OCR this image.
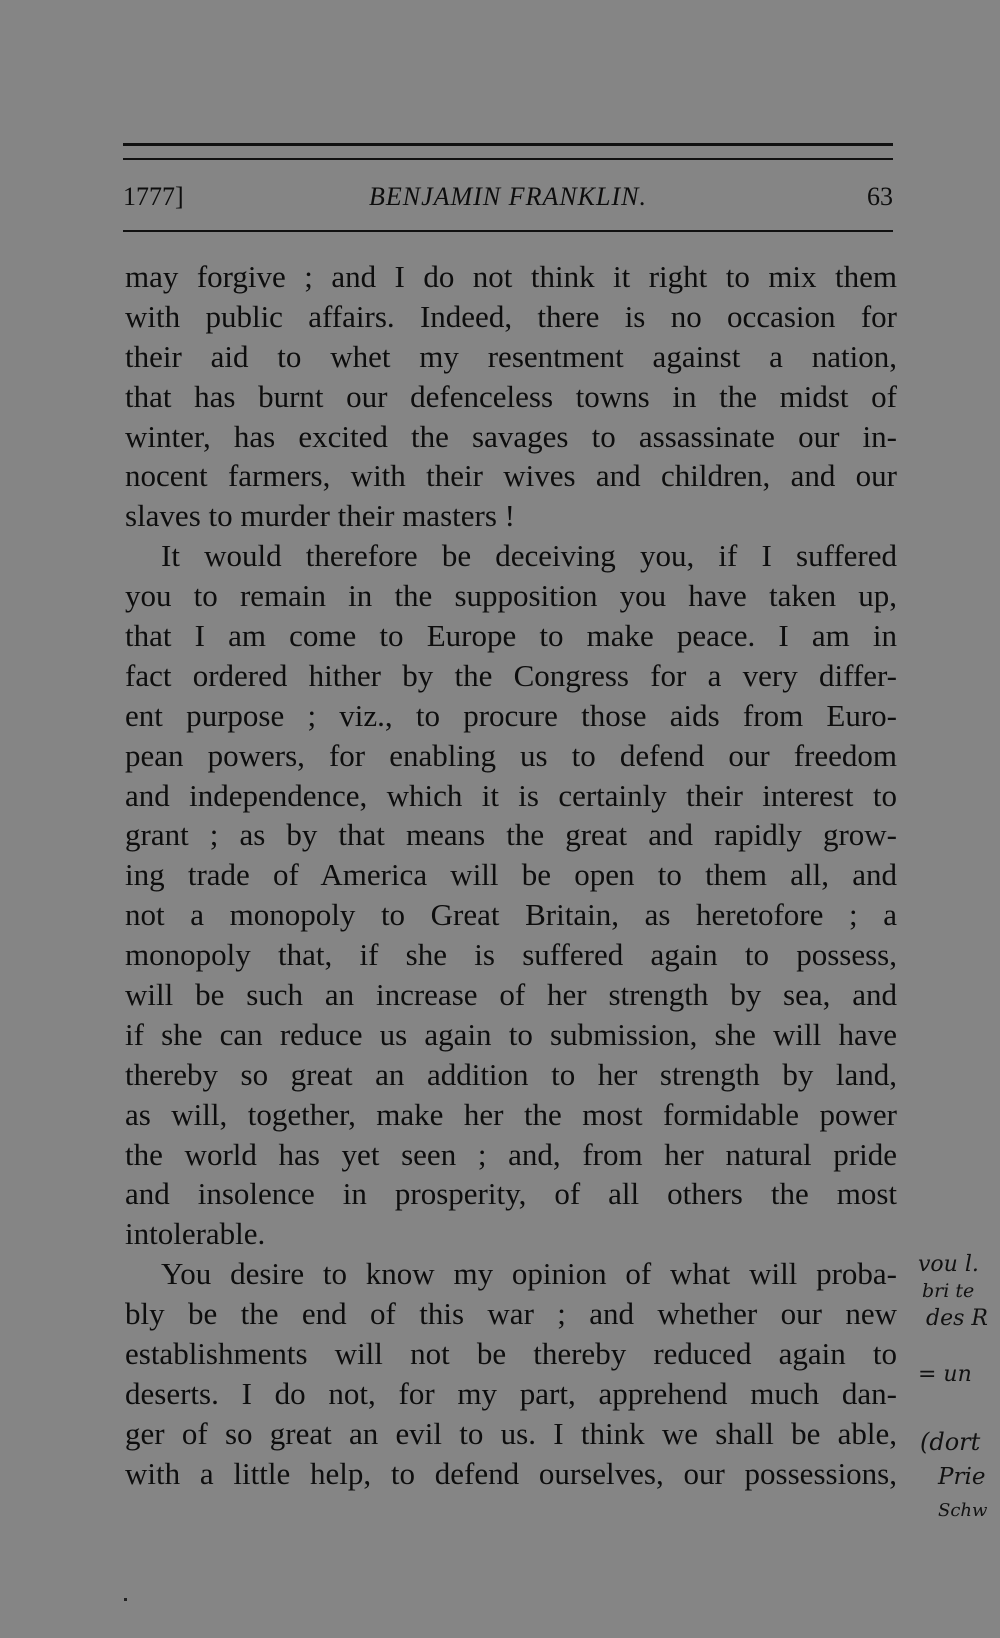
1777]	BENJAMIN FRANKLIN.	63
may forgive ; and I do not think it right to mix them
with public affairs. Indeed, there is no occasion for
their aid to whet my resentment against a nation,
that has burnt our defenceless towns in the midst of
winter, has excited the savages to assassinate our in-
nocent farmers, with their wives and children, and our
slaves to murder their masters !
It would therefore be deceiving you, if I suffered
you to remain in the supposition you have taken up,
that I am come to Europe to make peace. I am in
fact ordered hither by the Congress for a very differ-
ent purpose ; viz., to procure those aids from Euro-
pean powers, for enabling us to defend our freedom
and independence, which it is certainly their interest to
grant ; as by that means the great and rapidly grow-
ing trade of America will be open to them all, and
not a monopoly to Great Britain, as heretofore ; a
monopoly that, if she is suffered again to possess,
will be such an increase of her strength by sea, and
if she can reduce us again to submission, she will have
thereby so great an addition to her strength by land,
as will, together, make her the most formidable power
the world has yet seen ; and, from her natural pride
and insolence in prosperity, of all others the most
intolerable.
You desire to know my opinion of what will proba-
bly be the end of this war ; and whether our new
establishments will not be thereby reduced again to
deserts. I do not, for my part, apprehend much dan-
ger of so great an evil to us. I think we shall be able,
with a little help, to defend ourselves, our possessions,
vou l.
bri te
des R
= un
(dort
Prie
Schw
